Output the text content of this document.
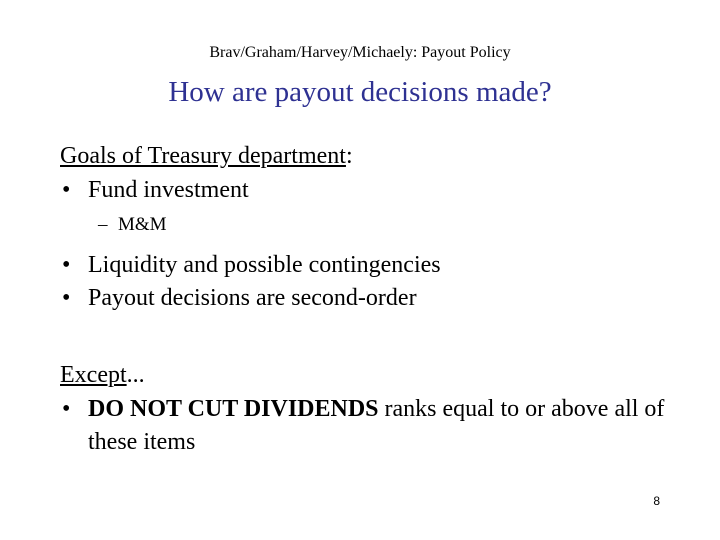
Brav/Graham/Harvey/Michaely: Payout Policy
How are payout decisions made?
Goals of Treasury department:
• Fund investment
– M&M
• Liquidity and possible contingencies
• Payout decisions are second-order
Except...
• DO NOT CUT DIVIDENDS ranks equal to or above all of these items
8
